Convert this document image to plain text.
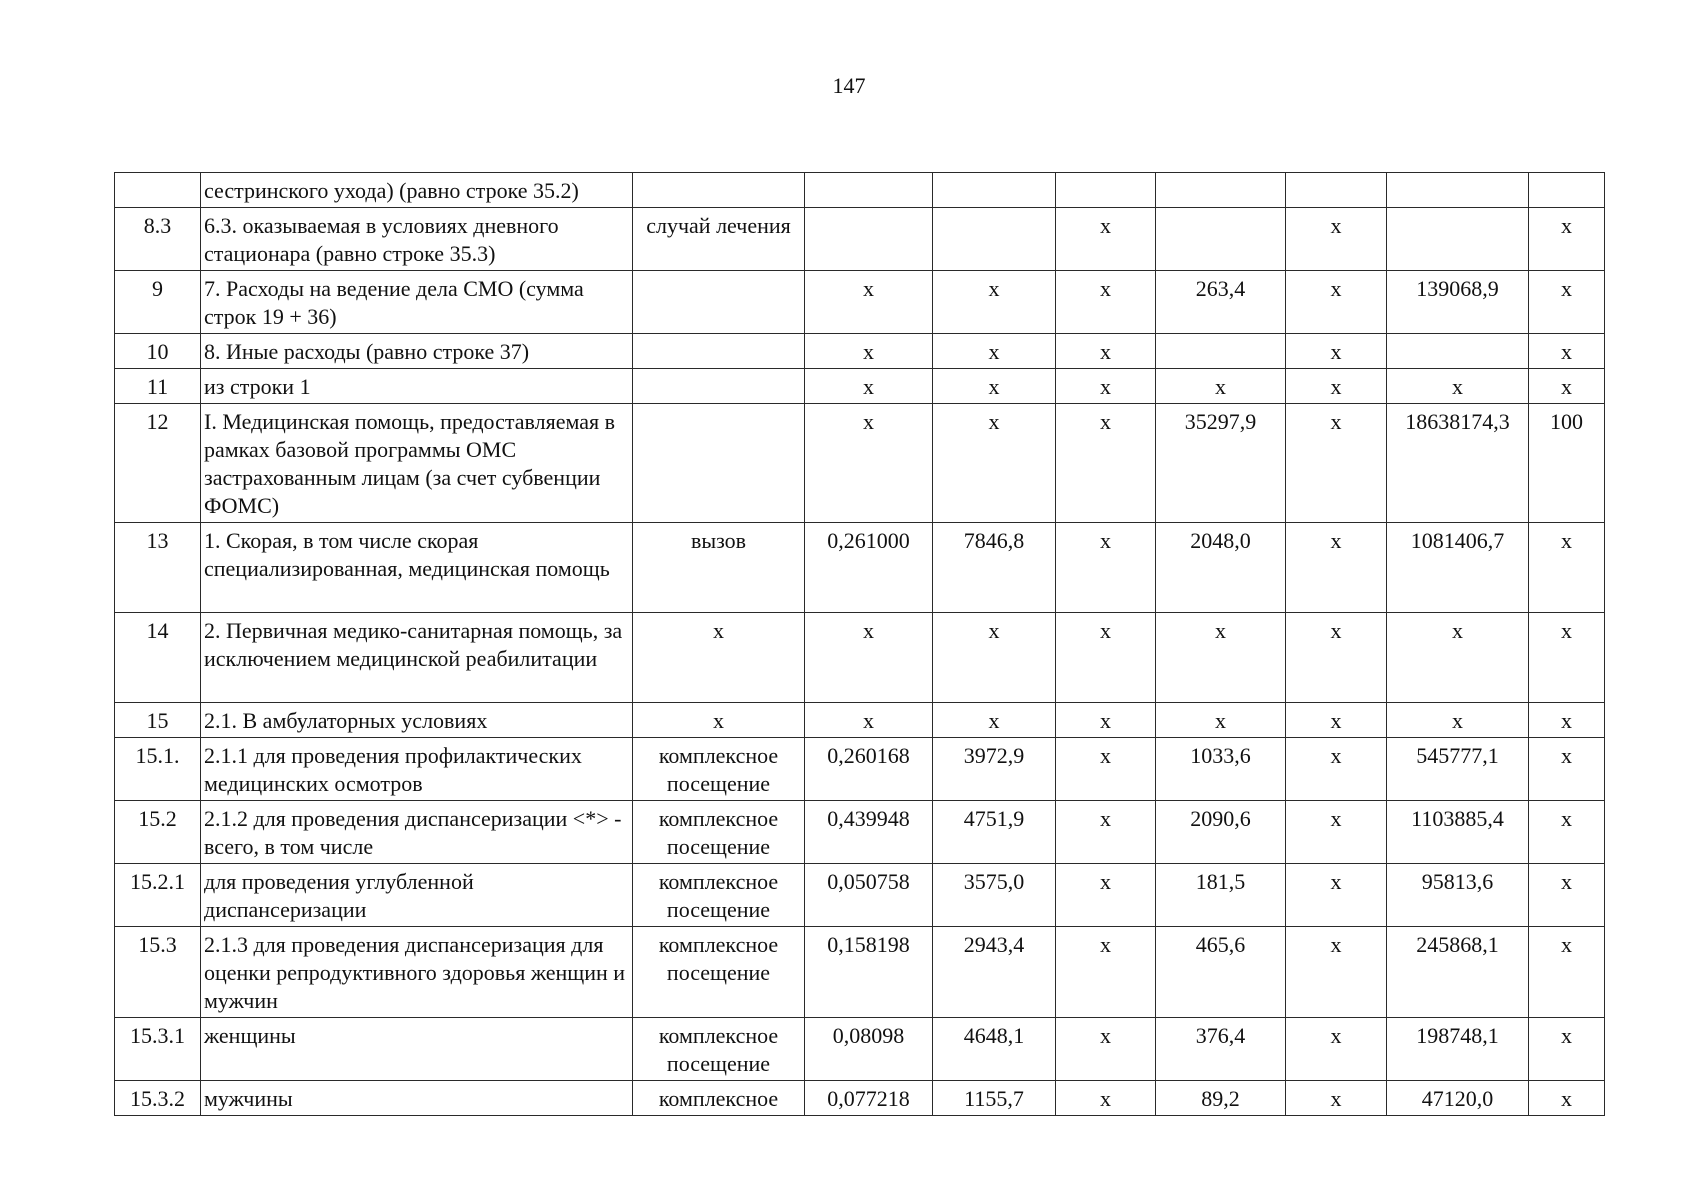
147
	сестринского ухода) (равно строке 35.2)								
8.3	6.3. оказываемая в условиях дневного стационара (равно строке 35.3)	случай лечения			х		х		х
9	7. Расходы на ведение дела СМО (сумма строк 19 + 36)		х	х	х	263,4	х	139068,9	х
10	8. Иные расходы (равно строке 37)		х	х	х		х		х
11	из строки 1		х	х	х	х	х	х	х
12	I. Медицинская помощь, предоставляемая в рамках базовой программы ОМС застрахованным лицам (за счет субвенции ФОМС)		х	х	х	35297,9	х	18638174,3	100
13	1. Скорая, в том числе скорая специализированная, медицинская помощь	вызов	0,261000	7846,8	х	2048,0	х	1081406,7	х
14	2. Первичная медико-санитарная помощь, за исключением медицинской реабилитации	х	х	х	х	х	х	х	х
15	2.1. В амбулаторных условиях	х	х	х	х	х	х	х	х
15.1.	2.1.1 для проведения профилактических медицинских осмотров	комплексное посещение	0,260168	3972,9	х	1033,6	х	545777,1	х
15.2	2.1.2 для проведения диспансеризации <*> - всего, в том числе	комплексное посещение	0,439948	4751,9	х	2090,6	х	1103885,4	х
15.2.1	для проведения углубленной диспансеризации	комплексное посещение	0,050758	3575,0	х	181,5	х	95813,6	х
15.3	2.1.3 для проведения диспансеризация для оценки репродуктивного здоровья женщин и мужчин	комплексное посещение	0,158198	2943,4	х	465,6	х	245868,1	х
15.3.1	женщины	комплексное посещение	0,08098	4648,1	х	376,4	х	198748,1	х
15.3.2	мужчины	комплексное	0,077218	1155,7	х	89,2	х	47120,0	х
